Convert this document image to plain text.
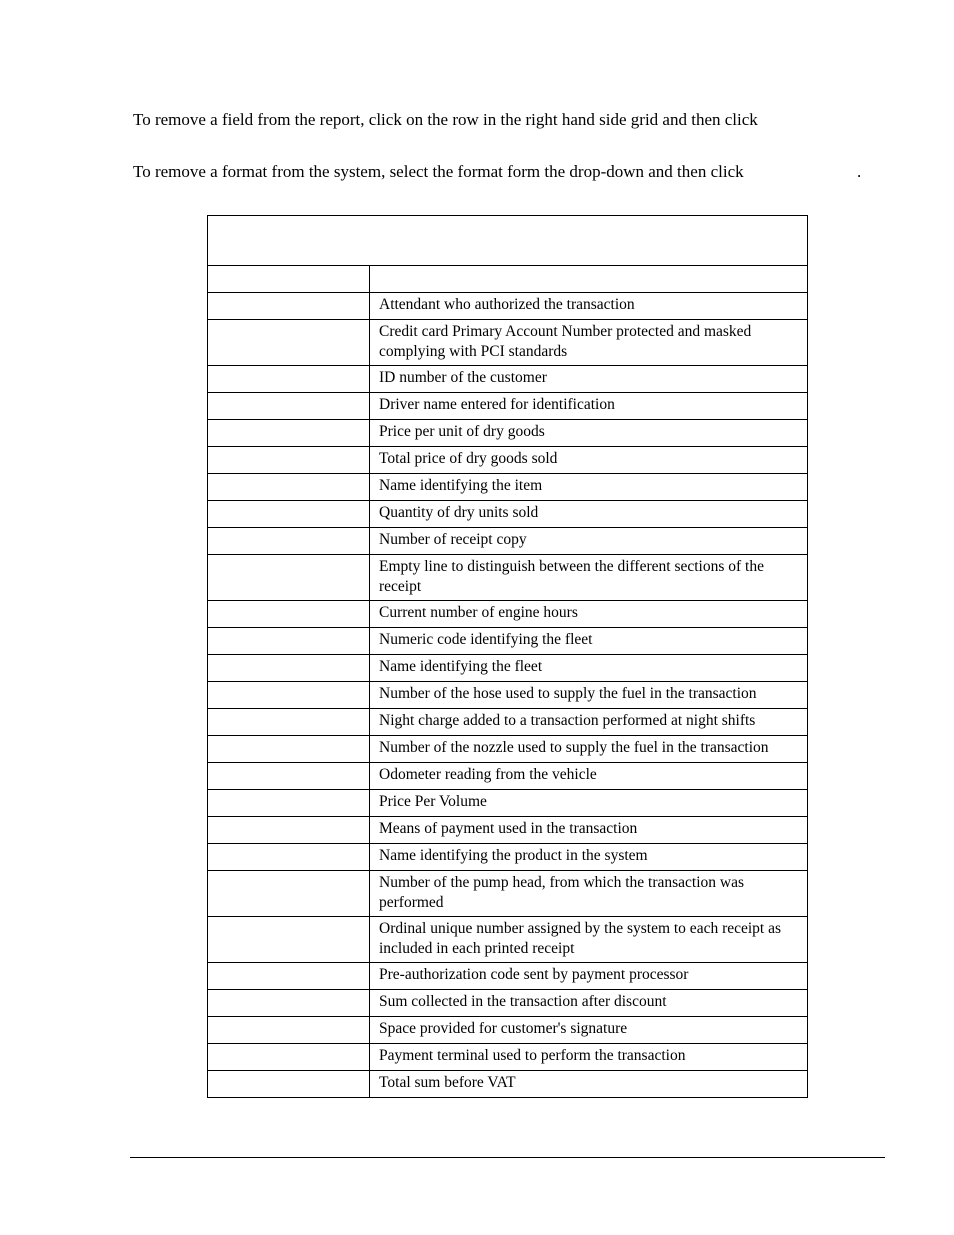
To remove a field from the report, click on the row in the right hand side grid and then click

To remove a format from the system, select the format form the drop-down and then click	.

	Attendant who authorized the transaction
	Credit card Primary Account Number protected and masked complying with PCI standards
	ID number of the customer
	Driver name entered for identification
	Price per unit of dry goods
	Total price of dry goods sold
	Name identifying the item
	Quantity of dry units sold
	Number of receipt copy
	Empty line to distinguish between the different sections of the receipt
	Current number of engine hours
	Numeric code identifying the fleet
	Name identifying the fleet
	Number of the hose used to supply the fuel in the transaction
	Night charge added to a transaction performed at night shifts
	Number of the nozzle used to supply the fuel in the transaction
	Odometer reading from the vehicle
	Price Per Volume
	Means of payment used in the transaction
	Name identifying the product in the system
	Number of the pump head, from which the transaction was performed
	Ordinal unique number assigned by the system to each receipt as included in each printed receipt
	Pre-authorization code sent by payment processor
	Sum collected in the transaction after discount
	Space provided for customer's signature
	Payment terminal used to perform the transaction
	Total sum before VAT
